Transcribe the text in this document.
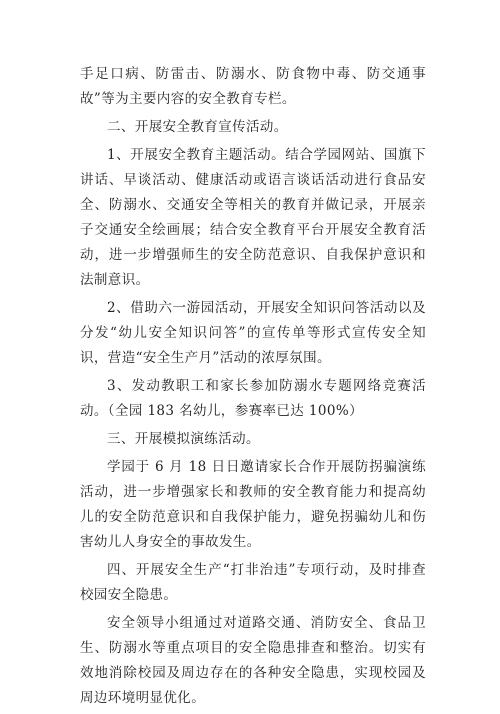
手足口病、防雷击、防溺水、防食物中毒、防交通事故”等为主要内容的安全教育专栏。

二、开展安全教育宣传活动。

1、开展安全教育主题活动。结合学园网站、国旗下讲话、早谈活动、健康活动或语言谈话活动进行食品安全、防溺水、交通安全等相关的教育并做记录，开展亲子交通安全绘画展；结合安全教育平台开展安全教育活动，进一步增强师生的安全防范意识、自我保护意识和法制意识。

2、借助六一游园活动，开展安全知识问答活动以及分发“幼儿安全知识问答”的宣传单等形式宣传安全知识，营造“安全生产月”活动的浓厚氛围。

3、发动教职工和家长参加防溺水专题网络竞赛活动。（全园 183 名幼儿，参赛率已达 100%）

三、开展模拟演练活动。

学园于 6 月 18 日日邀请家长合作开展防拐骗演练活动，进一步增强家长和教师的安全教育能力和提高幼儿的安全防范意识和自我保护能力，避免拐骗幼儿和伤害幼儿人身安全的事故发生。

四、开展安全生产“打非治违”专项行动，及时排查校园安全隐患。

安全领导小组通过对道路交通、消防安全、食品卫生、防溺水等重点项目的安全隐患排查和整治。切实有效地消除校园及周边存在的各种安全隐患，实现校园及周边环境明显优化。
